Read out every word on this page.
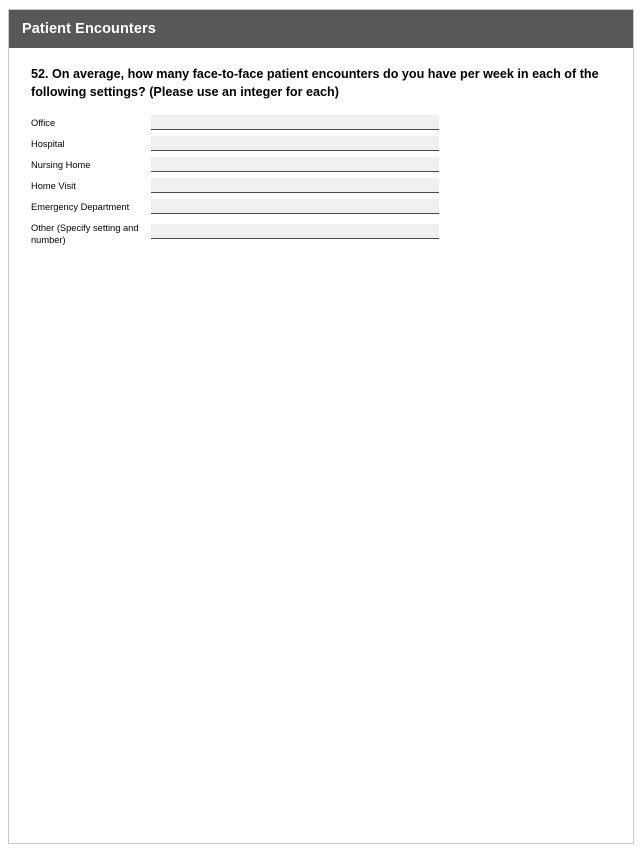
Patient Encounters

52. On average, how many face-to-face patient encounters do you have per week in each of the following settings? (Please use an integer for each)

Office
Hospital
Nursing Home
Home Visit
Emergency Department
Other (Specify setting and number)
